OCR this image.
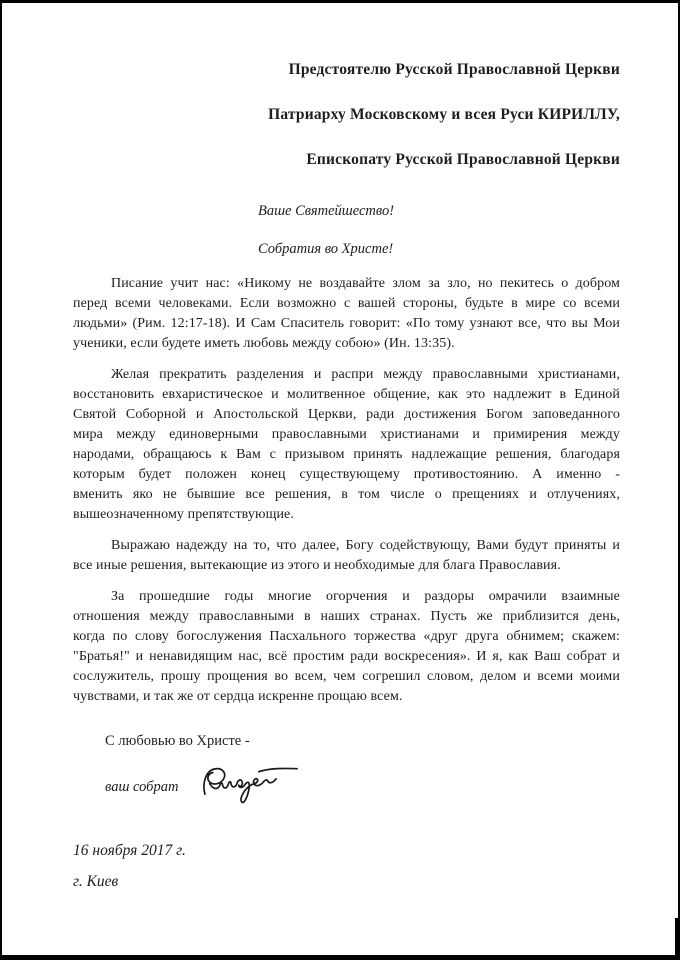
Предстоятелю Русской Православной Церкви
Патриарху Московскому и всея Руси КИРИЛЛУ,
Епископату Русской Православной Церкви
Ваше Святейшество!
Собратия во Христе!
Писание учит нас: «Никому не воздавайте злом за зло, но пекитесь о добром
перед всеми человеками. Если возможно с вашей стороны, будьте в мире со всеми
людьми» (Рим. 12:17-18). И Сам Спаситель говорит: «По тому узнают все, что вы Мои
ученики, если будете иметь любовь между собою» (Ин. 13:35).
Желая прекратить разделения и распри между православными христианами,
восстановить евхаристическое и молитвенное общение, как это надлежит в Единой
Святой Соборной и Апостольской Церкви, ради достижения Богом заповеданного
мира между единоверными православными христианами и примирения между
народами, обращаюсь к Вам с призывом принять надлежащие решения, благодаря
которым будет положен конец существующему противостоянию. А именно -
вменить яко не бывшие все решения, в том числе о прещениях и отлучениях,
вышеозначенному препятствующие.
Выражаю надежду на то, что далее, Богу содействующу, Вами будут приняты и
все иные решения, вытекающие из этого и необходимые для блага Православия.
За прошедшие годы многие огорчения и раздоры омрачили взаимные
отношения между православными в наших странах. Пусть же приблизится день,
когда по слову богослужения Пасхального торжества «друг друга обнимем; скажем:
"Братья!" и ненавидящим нас, всё простим ради воскресения». И я, как Ваш собрат и
сослужитель, прошу прощения во всем, чем согрешил словом, делом и всеми моими
чувствами, и так же от сердца искренне прощаю всем.
С любовью во Христе -
ваш собрат
16 ноября 2017 г.
г. Киев
